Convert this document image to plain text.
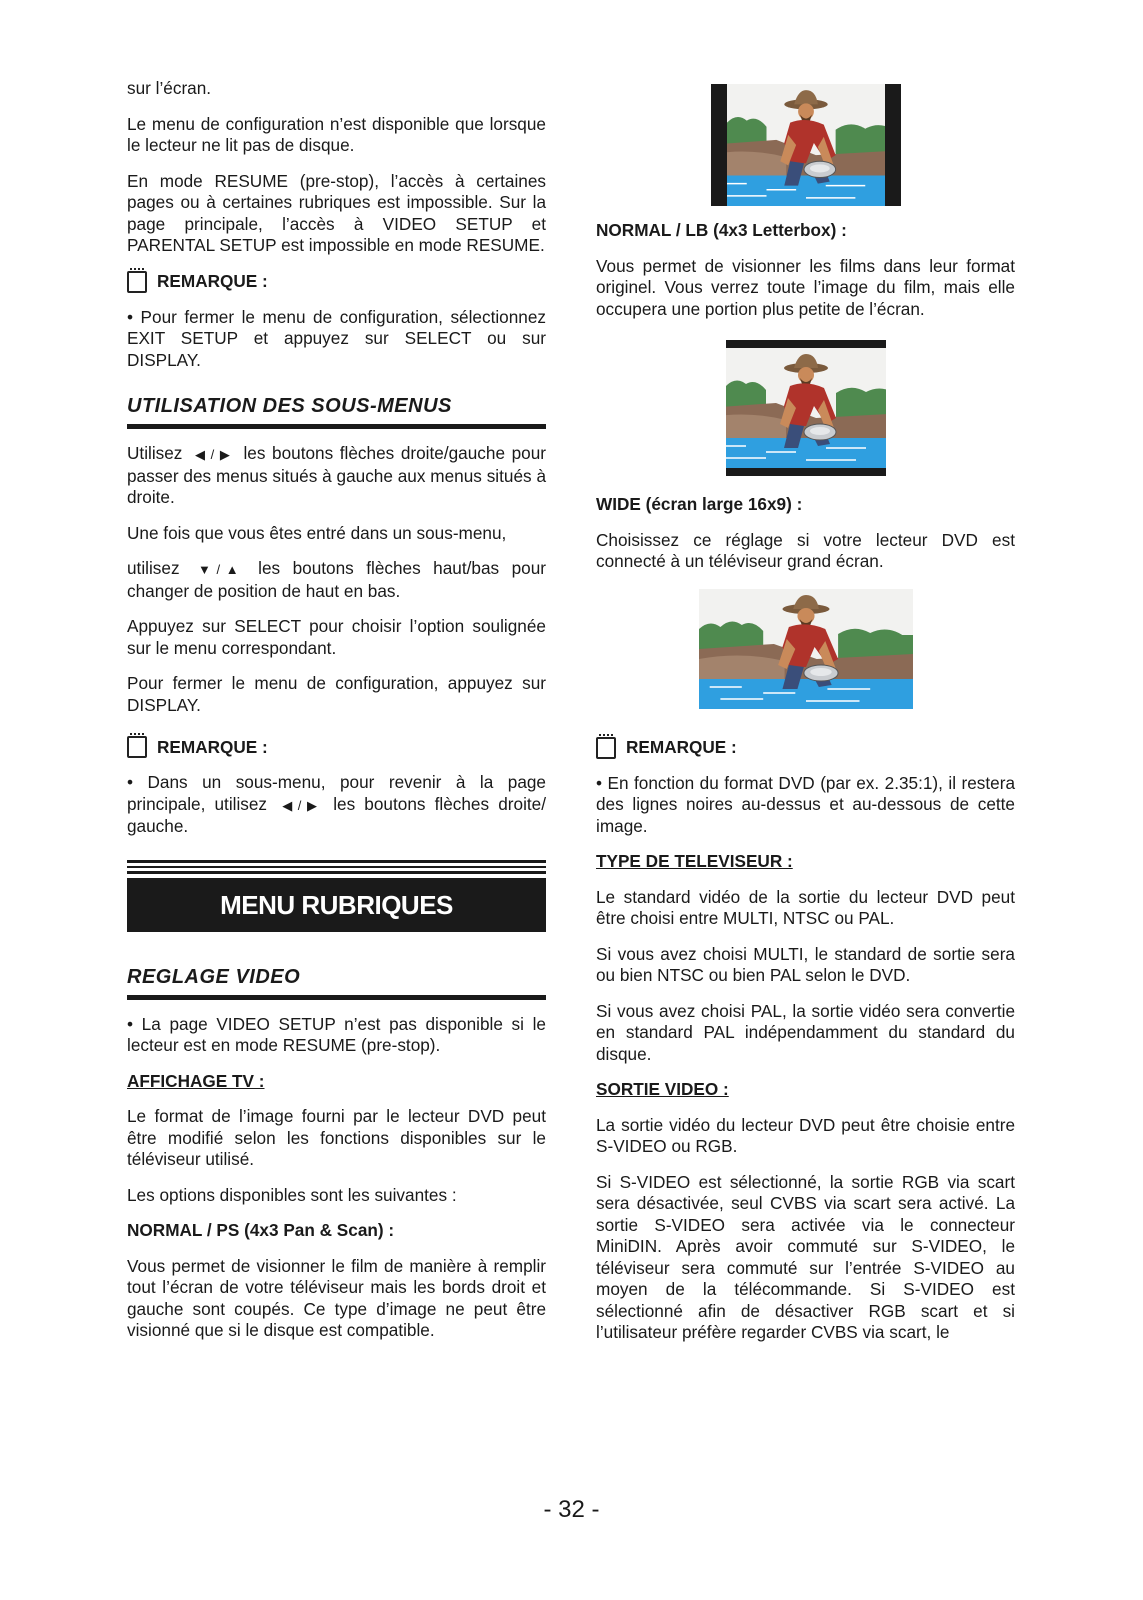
sur l’écran.

Le menu de configuration n’est disponible que lorsque le lecteur ne lit pas de disque.

En mode RESUME (pre-stop), l’accès à certaines pages ou à certaines rubriques est impossible. Sur la page principale, l’accès à VIDEO SETUP et PARENTAL SETUP est impossible en mode RESUME.

REMARQUE :

• Pour fermer le menu de configuration, sélectionnez EXIT SETUP et appuyez sur SELECT ou sur DISPLAY.

UTILISATION DES SOUS-MENUS

Utilisez ◀ / ▶ les boutons flèches droite/gauche pour passer des menus situés à gauche aux menus situés à droite.

Une fois que vous êtes entré dans un sous-menu,

utilisez ▼ / ▲ les boutons flèches haut/bas pour changer de position de haut en bas.

Appuyez sur SELECT pour choisir l’option soulignée sur le menu correspondant.

Pour fermer le menu de configuration, appuyez sur DISPLAY.

REMARQUE :

• Dans un sous-menu, pour revenir à la page principale, utilisez ◀ / ▶ les boutons flèches droite/ gauche.

MENU RUBRIQUES
REGLAGE VIDEO

• La page VIDEO SETUP n’est pas disponible si le lecteur est en mode RESUME (pre-stop).

AFFICHAGE TV :

Le format de l’image fourni par le lecteur DVD peut être modifié selon les fonctions disponibles sur le téléviseur utilisé.

Les options disponibles sont les suivantes :

NORMAL / PS (4x3 Pan & Scan) :

Vous permet de visionner le film de manière à remplir tout l’écran de votre téléviseur mais les bords droit et gauche sont coupés. Ce type d’image ne peut être visionné que si le disque est compatible.

NORMAL / LB (4x3 Letterbox) :

Vous permet de visionner les films dans leur format originel. Vous verrez toute l’image du film, mais elle occupera une portion plus petite de l’écran.

WIDE (écran large 16x9) :

Choisissez ce réglage si votre lecteur DVD est connecté à un téléviseur grand écran.

REMARQUE :

• En fonction du format DVD (par ex. 2.35:1), il restera des lignes noires au-dessus et au-dessous de cette image.

TYPE DE TELEVISEUR :

Le standard vidéo de la sortie du lecteur DVD peut être choisi entre MULTI, NTSC ou PAL.

Si vous avez choisi MULTI, le standard de sortie sera ou bien NTSC ou bien PAL selon le DVD.

Si vous avez choisi PAL, la sortie vidéo sera convertie en standard PAL indépendamment du standard du disque.

SORTIE VIDEO :

La sortie vidéo du lecteur DVD peut être choisie entre S-VIDEO ou RGB.

Si S-VIDEO est sélectionné, la sortie RGB via scart sera désactivée, seul CVBS via scart sera activé. La sortie S-VIDEO sera activée via le connecteur MiniDIN. Après avoir commuté sur S-VIDEO, le téléviseur sera commuté sur l’entrée S-VIDEO au moyen de la télécommande. Si S-VIDEO est sélectionné afin de désactiver RGB scart et si l’utilisateur préfère regarder CVBS via scart, le

- 32 -
